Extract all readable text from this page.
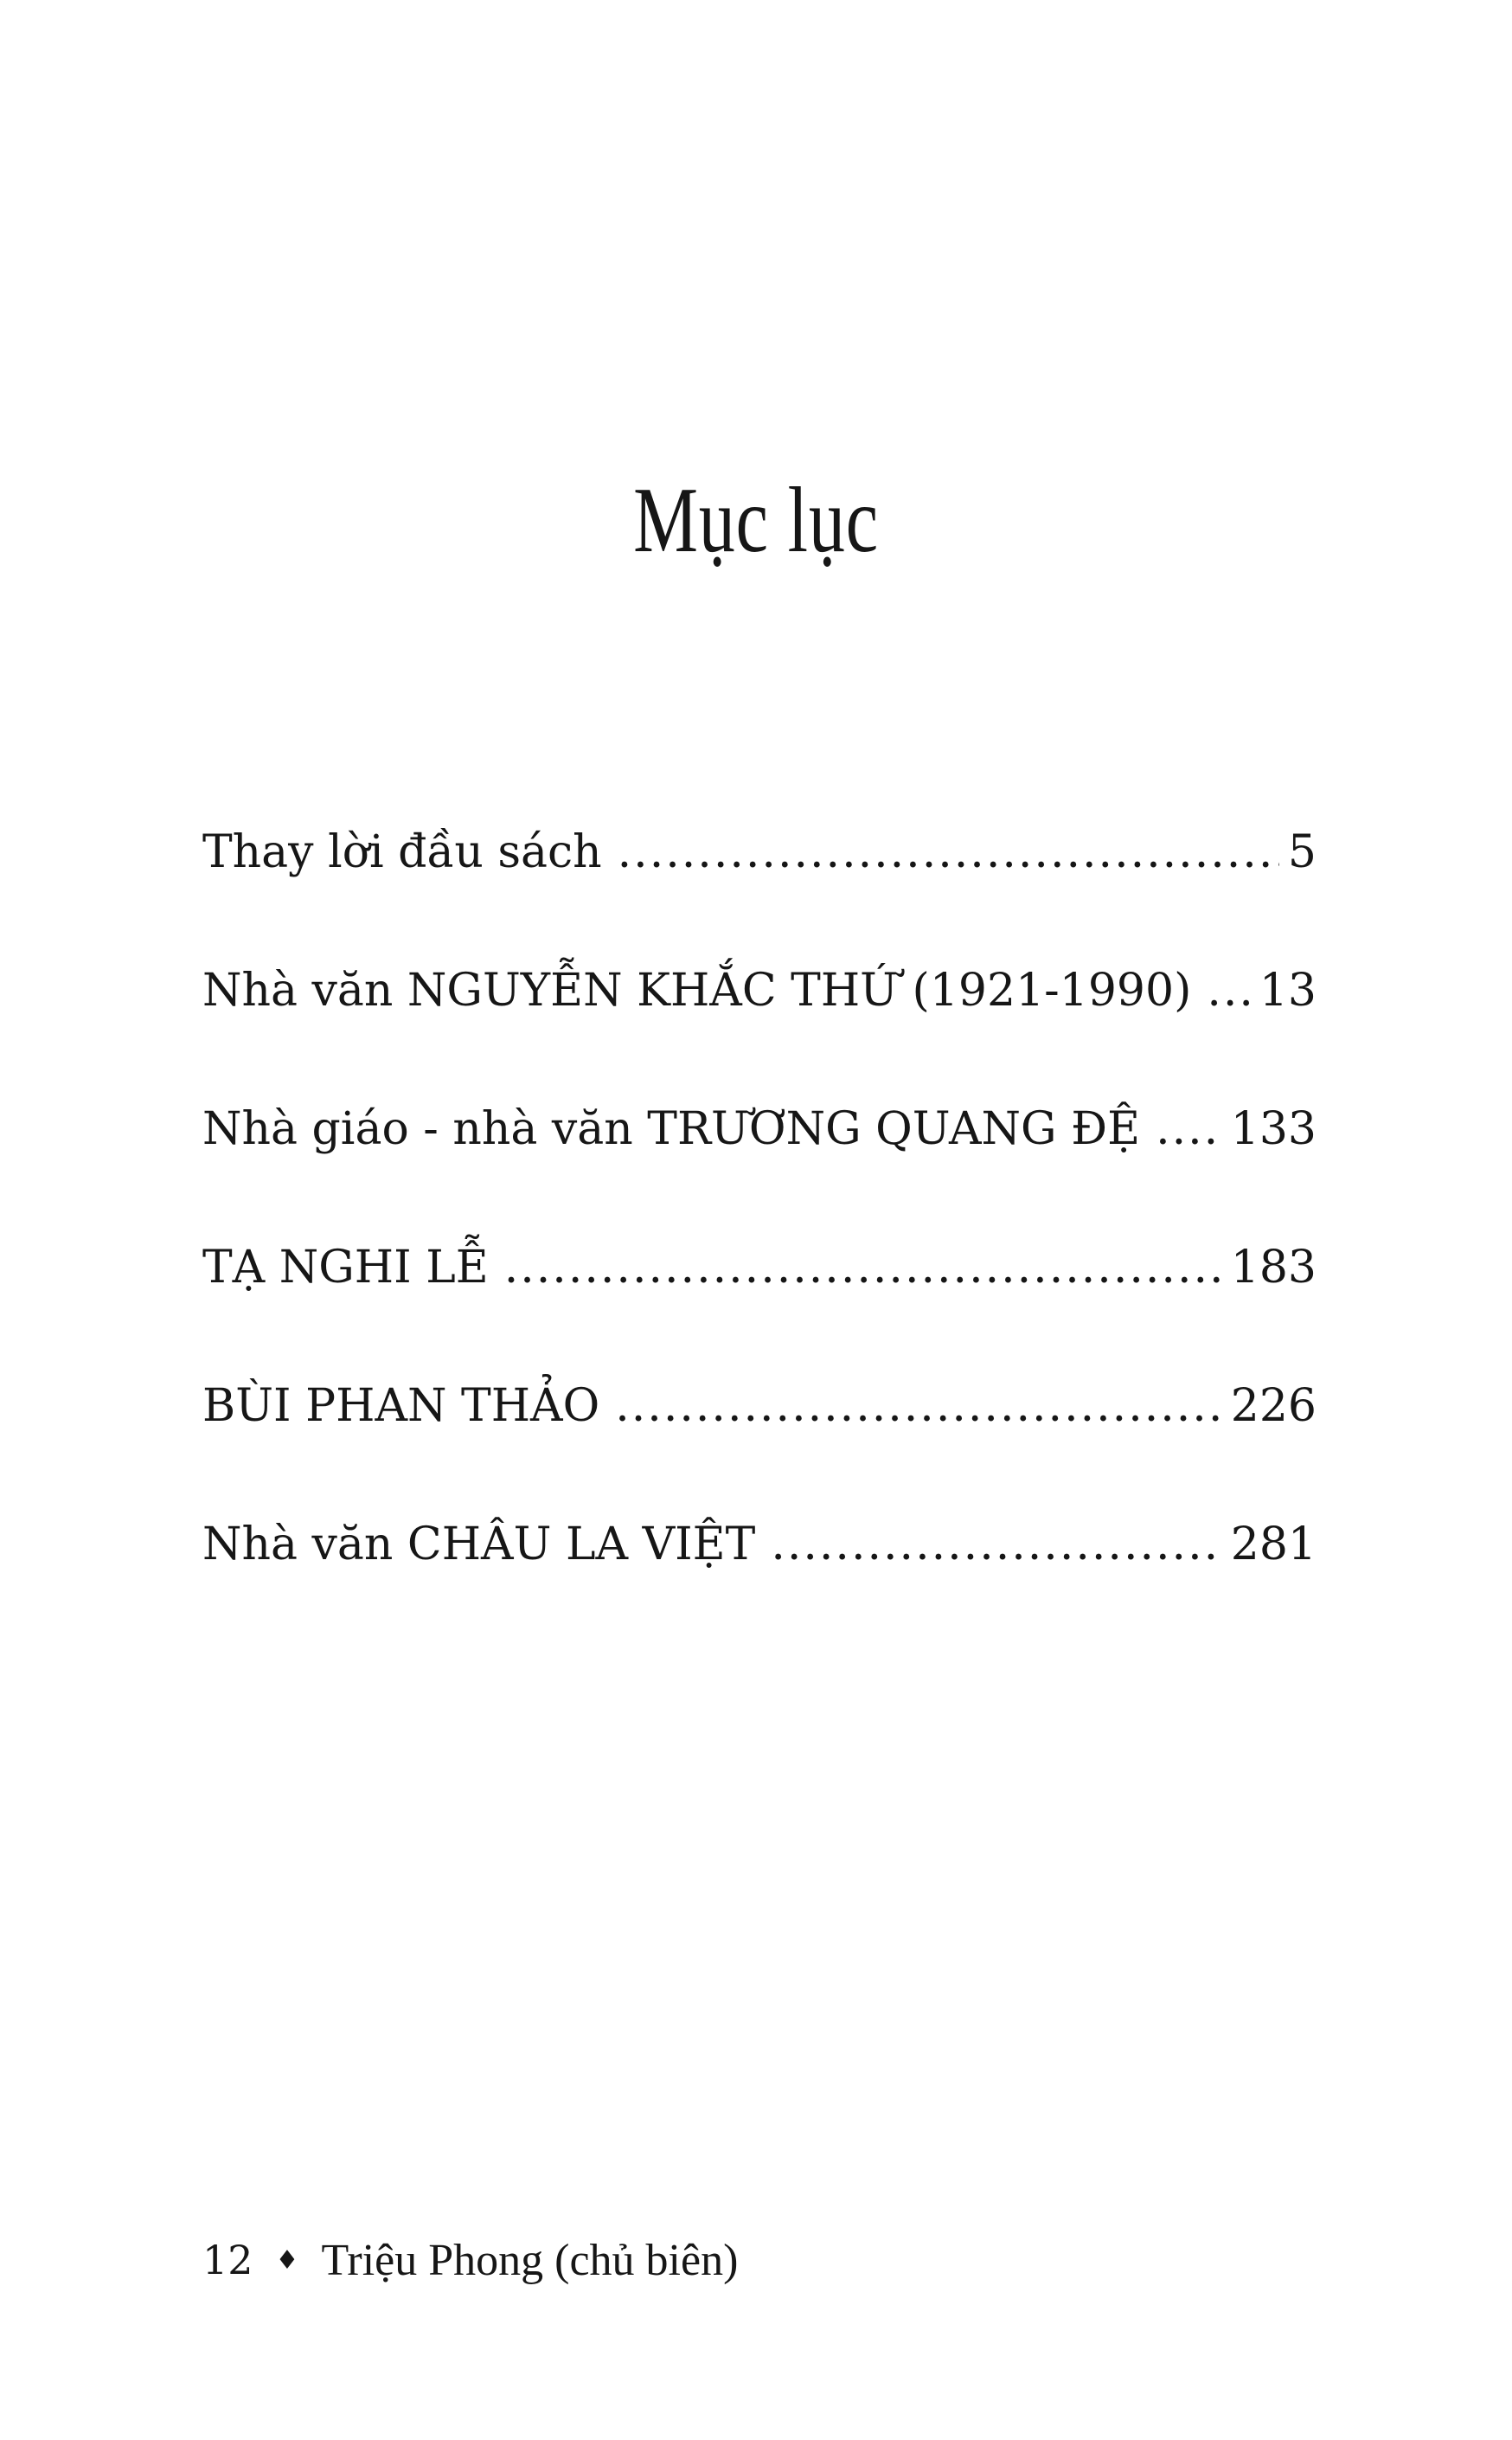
Mục lục
Thay lời đầu sách .....	5
Nhà văn NGUYỄN KHẮC THỨ (1921-1990) ..... 13
Nhà giáo - nhà văn TRƯƠNG QUANG ĐỆ ..... 133
TẠ NGHI LỄ .....	183
BÙI PHAN THẢO .....	226
Nhà văn CHÂU LA VIỆT .....	281
12 ♦ Triệu Phong (chủ biên)
